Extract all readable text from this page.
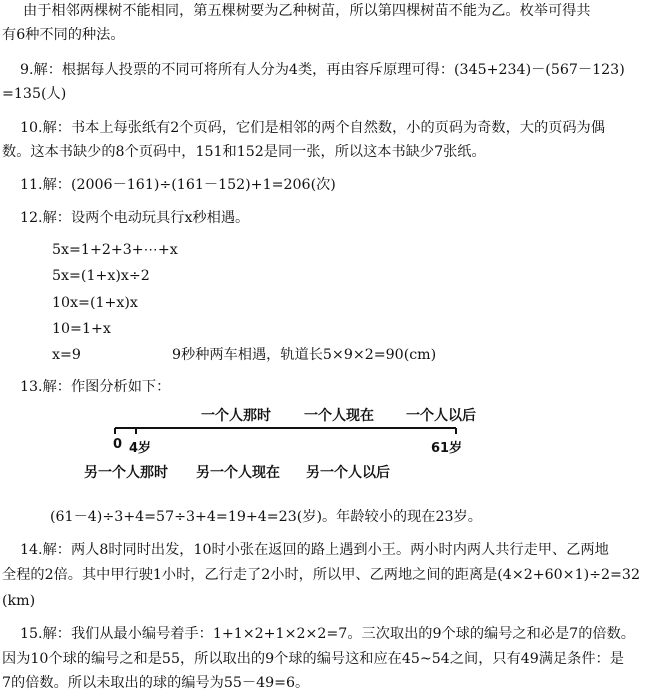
由于相邻两棵树不能相同，第五棵树要为乙种树苗，所以第四棵树苗不能为乙。枚举可得共
有6种不同的种法。
9.解：根据每人投票的不同可将所有人分为4类，再由容斥原理可得：(345+234)－(567－123)
=135(人)
10.解：书本上每张纸有2个页码，它们是相邻的两个自然数，小的页码为奇数，大的页码为偶
数。这本书缺少的8个页码中，151和152是同一张，所以这本书缺少7张纸。
11.解：(2006－161)÷(161－152)+1=206(次)
12.解：设两个电动玩具行x秒相遇。
5x=1+2+3+⋯+x
5x=(1+x)x÷2
10x=(1+x)x
10=1+x
x=9	9秒种两车相遇，轨道长5×9×2=90(cm)
13.解：作图分析如下：
一个人那时 一个人现在 一个人以后
0 4岁	61岁
另一个人那时 另一个人现在 另一个人以后
(61－4)÷3+4=57÷3+4=19+4=23(岁)。年龄较小的现在23岁。
14.解：两人8时同时出发，10时小张在返回的路上遇到小王。两小时内两人共行走甲、乙两地
全程的2倍。其中甲行驶1小时，乙行走了2小时，所以甲、乙两地之间的距离是(4×2+60×1)÷2=32
(km)
15.解：我们从最小编号着手：1+1×2+1×2×2=7。三次取出的9个球的编号之和必是7的倍数。
因为10个球的编号之和是55，所以取出的9个球的编号这和应在45~54之间，只有49满足条件：是
7的倍数。所以未取出的球的编号为55－49=6。
